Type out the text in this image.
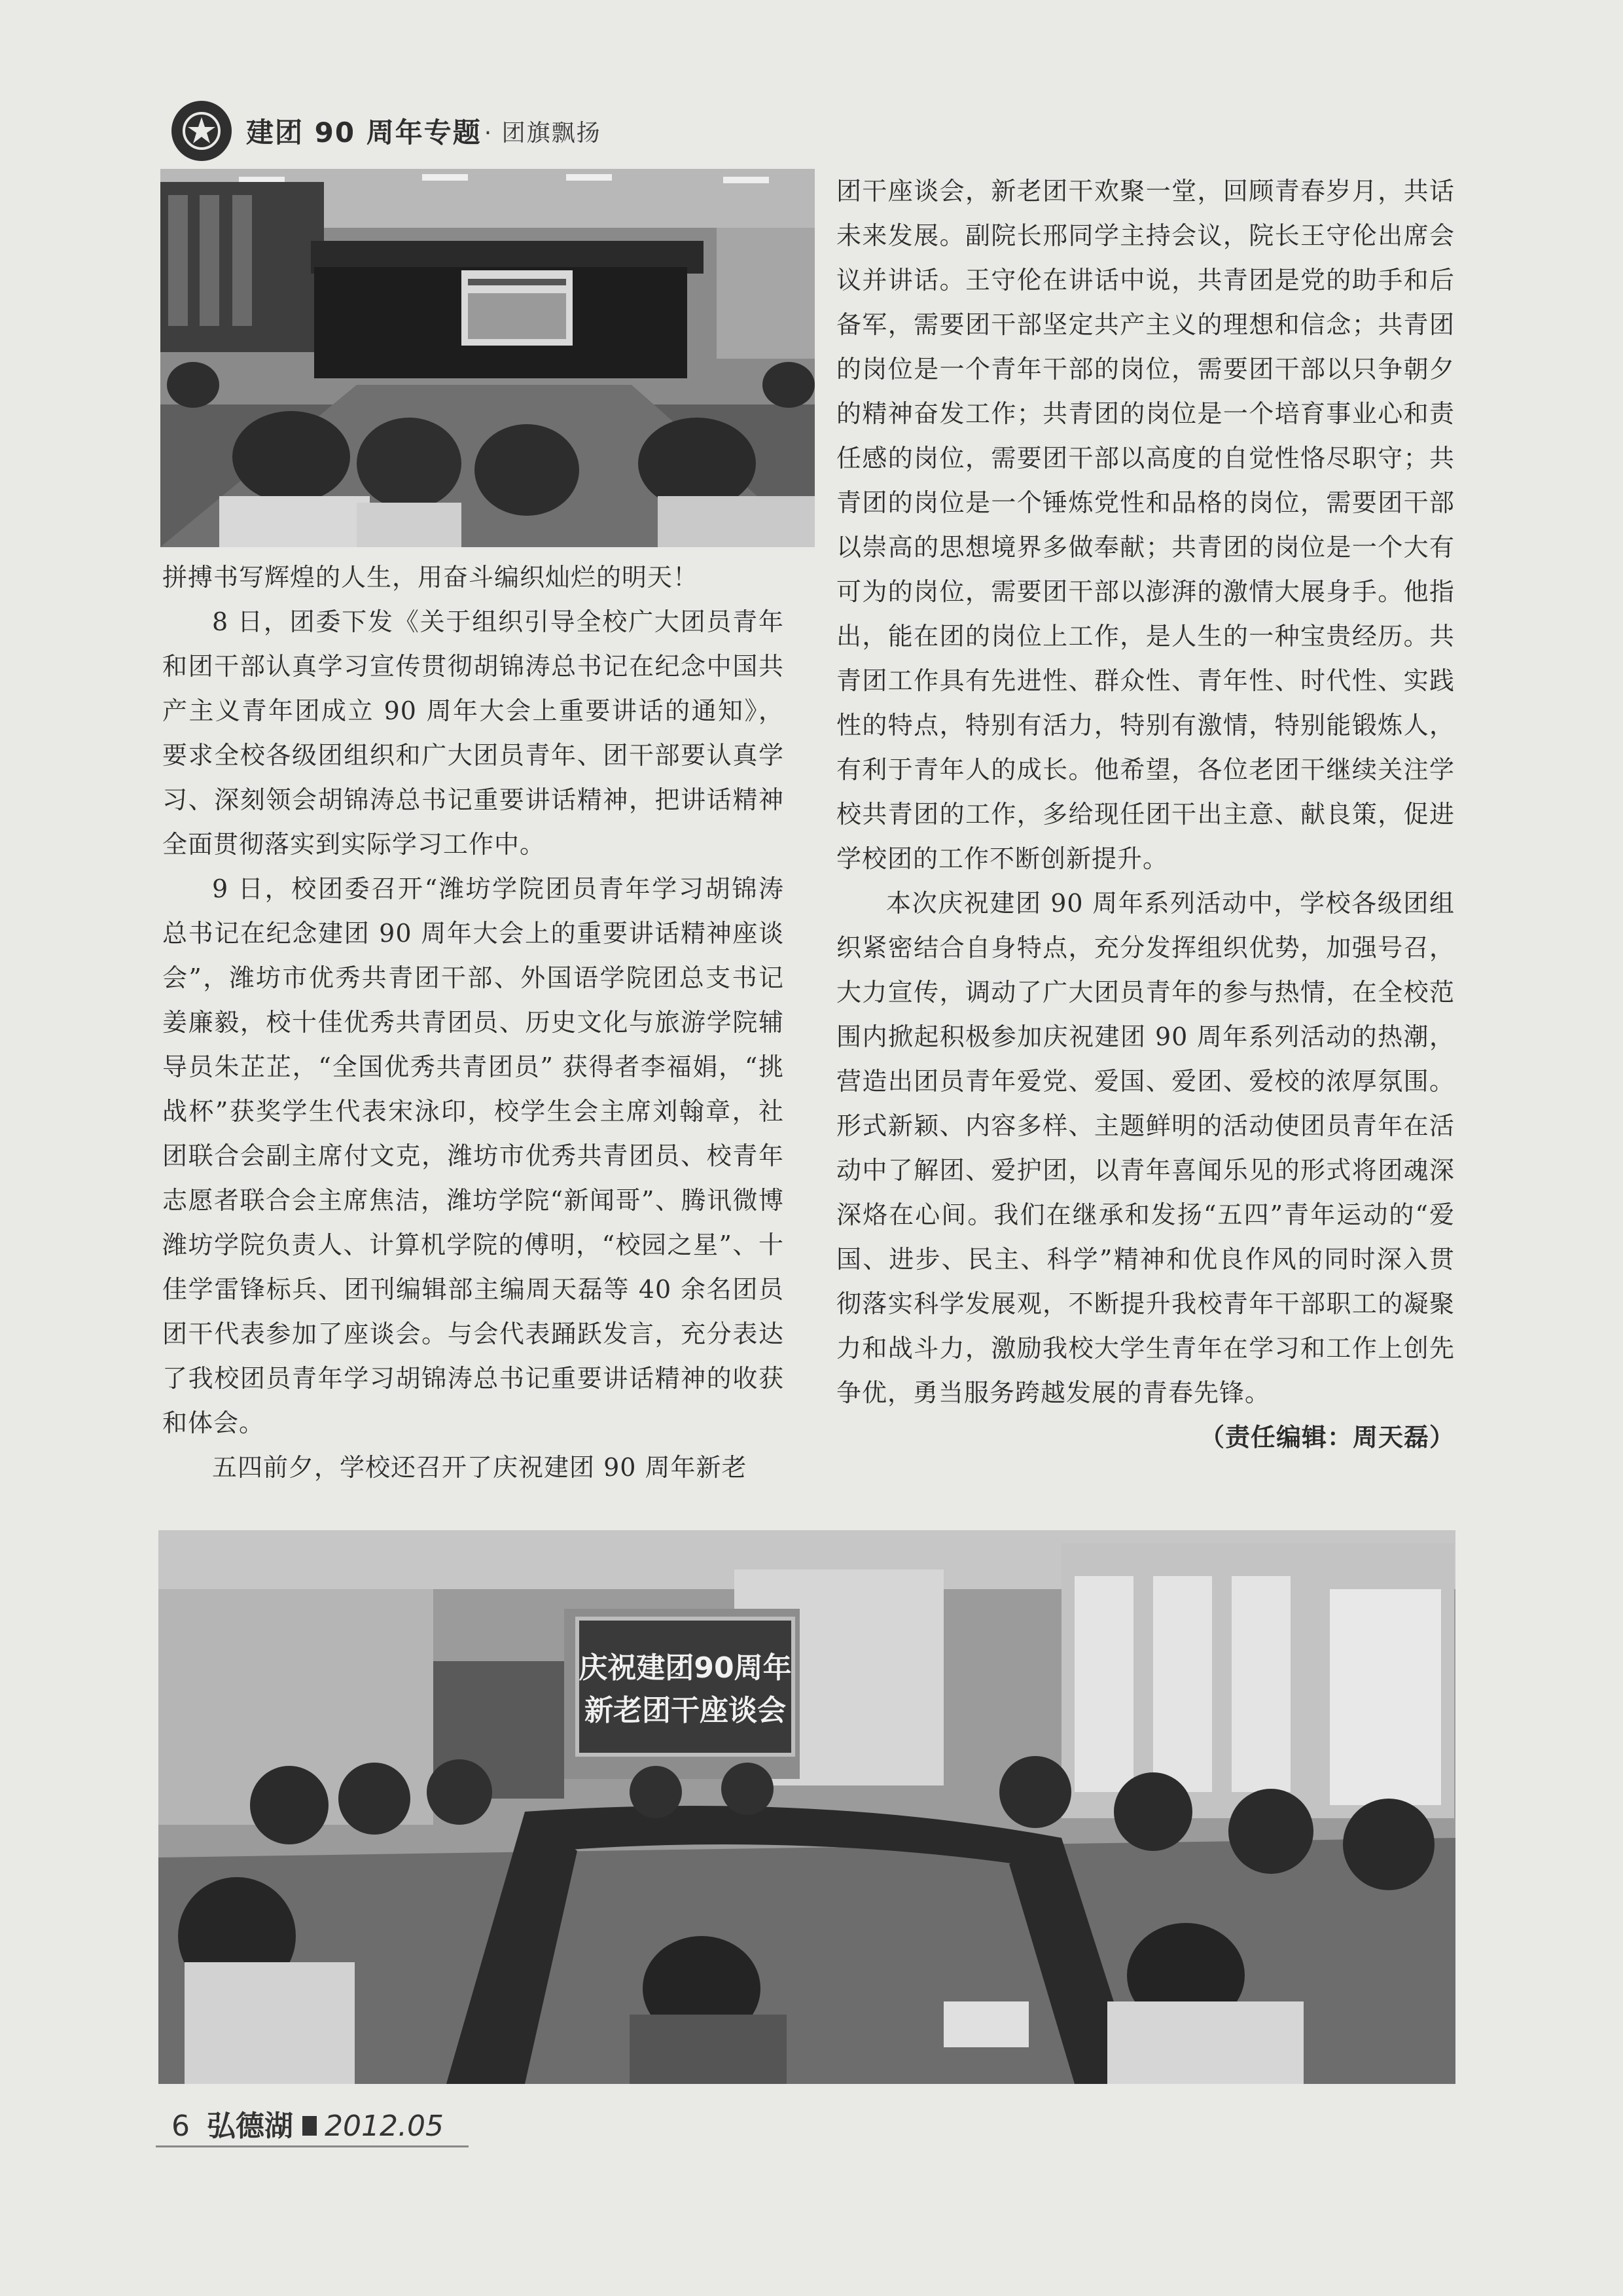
建团 90 周年专题 · 团旗飘扬

拼搏书写辉煌的人生，用奋斗编织灿烂的明天！

8 日，团委下发《关于组织引导全校广大团员青年和团干部认真学习宣传贯彻胡锦涛总书记在纪念中国共产主义青年团成立 90 周年大会上重要讲话的通知》，要求全校各级团组织和广大团员青年、团干部要认真学习、深刻领会胡锦涛总书记重要讲话精神，把讲话精神全面贯彻落实到实际学习工作中。

9 日，校团委召开“潍坊学院团员青年学习胡锦涛总书记在纪念建团 90 周年大会上的重要讲话精神座谈会”，潍坊市优秀共青团干部、外国语学院团总支书记姜廉毅，校十佳优秀共青团员、历史文化与旅游学院辅导员朱芷芷，“全国优秀共青团员” 获得者李福娟，“挑战杯”获奖学生代表宋泳印，校学生会主席刘翰章，社团联合会副主席付文克，潍坊市优秀共青团员、校青年志愿者联合会主席焦洁，潍坊学院“新闻哥”、腾讯微博潍坊学院负责人、计算机学院的傅明，“校园之星”、十佳学雷锋标兵、团刊编辑部主编周天磊等 40 余名团员团干代表参加了座谈会。与会代表踊跃发言，充分表达了我校团员青年学习胡锦涛总书记重要讲话精神的收获和体会。

五四前夕，学校还召开了庆祝建团 90 周年新老

团干座谈会，新老团干欢聚一堂，回顾青春岁月，共话未来发展。副院长邢同学主持会议，院长王守伦出席会议并讲话。王守伦在讲话中说，共青团是党的助手和后备军，需要团干部坚定共产主义的理想和信念；共青团的岗位是一个青年干部的岗位，需要团干部以只争朝夕的精神奋发工作；共青团的岗位是一个培育事业心和责任感的岗位，需要团干部以高度的自觉性恪尽职守；共青团的岗位是一个锤炼党性和品格的岗位，需要团干部以崇高的思想境界多做奉献；共青团的岗位是一个大有可为的岗位，需要团干部以澎湃的激情大展身手。他指出，能在团的岗位上工作，是人生的一种宝贵经历。共青团工作具有先进性、群众性、青年性、时代性、实践性的特点，特别有活力，特别有激情，特别能锻炼人，有利于青年人的成长。他希望，各位老团干继续关注学校共青团的工作，多给现任团干出主意、献良策，促进学校团的工作不断创新提升。

本次庆祝建团 90 周年系列活动中，学校各级团组织紧密结合自身特点，充分发挥组织优势，加强号召，大力宣传，调动了广大团员青年的参与热情，在全校范围内掀起积极参加庆祝建团 90 周年系列活动的热潮，营造出团员青年爱党、爱国、爱团、爱校的浓厚氛围。形式新颖、内容多样、主题鲜明的活动使团员青年在活动中了解团、爱护团，以青年喜闻乐见的形式将团魂深深烙在心间。我们在继承和发扬“五四”青年运动的“爱国、进步、民主、科学”精神和优良作风的同时深入贯彻落实科学发展观，不断提升我校青年干部职工的凝聚力和战斗力，激励我校大学生青年在学习和工作上创先争优，勇当服务跨越发展的青春先锋。

（责任编辑：周天磊）

庆祝建团90周年
新老团干座谈会
6 弘德湖 2012.05
